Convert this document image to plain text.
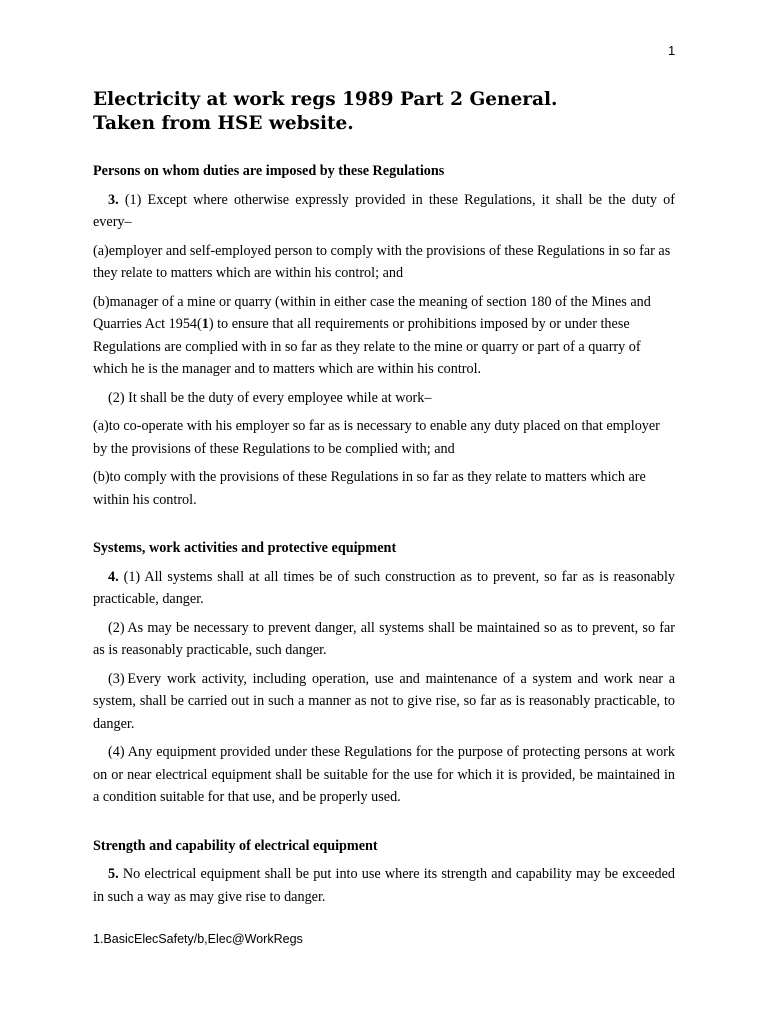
1
Electricity at work regs 1989 Part 2 General.
Taken from HSE website.

Persons on whom duties are imposed by these Regulations

3. (1) Except where otherwise expressly provided in these Regulations, it shall be the duty of every–

(a)employer and self-employed person to comply with the provisions of these Regulations in so far as they relate to matters which are within his control; and

(b)manager of a mine or quarry (within in either case the meaning of section 180 of the Mines and Quarries Act 1954(1) to ensure that all requirements or prohibitions imposed by or under these Regulations are complied with in so far as they relate to the mine or quarry or part of a quarry of which he is the manager and to matters which are within his control.

(2) It shall be the duty of every employee while at work–

(a)to co-operate with his employer so far as is necessary to enable any duty placed on that employer by the provisions of these Regulations to be complied with; and

(b)to comply with the provisions of these Regulations in so far as they relate to matters which are within his control.

Systems, work activities and protective equipment

4. (1) All systems shall at all times be of such construction as to prevent, so far as is reasonably practicable, danger.

(2) As may be necessary to prevent danger, all systems shall be maintained so as to prevent, so far as is reasonably practicable, such danger.

(3) Every work activity, including operation, use and maintenance of a system and work near a system, shall be carried out in such a manner as not to give rise, so far as is reasonably practicable, to danger.

(4) Any equipment provided under these Regulations for the purpose of protecting persons at work on or near electrical equipment shall be suitable for the use for which it is provided, be maintained in a condition suitable for that use, and be properly used.

Strength and capability of electrical equipment

5. No electrical equipment shall be put into use where its strength and capability may be exceeded in such a way as may give rise to danger.

1.BasicElecSafety/b,Elec@WorkRegs
